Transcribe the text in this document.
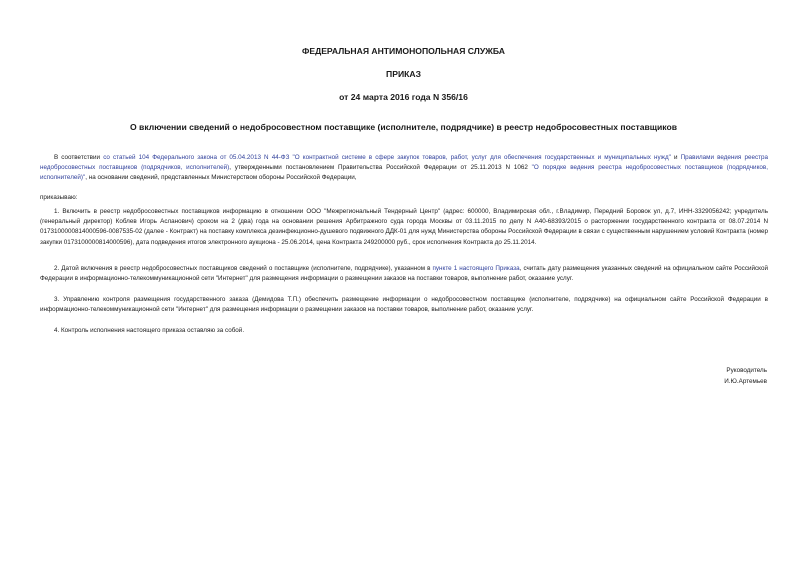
ФЕДЕРАЛЬНАЯ АНТИМОНОПОЛЬНАЯ СЛУЖБА
ПРИКАЗ
от 24 марта 2016 года N 356/16
О включении сведений о недобросовестном поставщике (исполнителе, подрядчике) в реестр недобросовестных поставщиков
В соответствии со статьей 104 Федерального закона от 05.04.2013 N 44-ФЗ "О контрактной системе в сфере закупок товаров, работ, услуг для обеспечения государственных и муниципальных нужд" и Правилами ведения реестра недобросовестных поставщиков (подрядчиков, исполнителей), утвержденными постановлением Правительства Российской Федерации от 25.11.2013 N 1062 "О порядке ведения реестра недобросовестных поставщиков (подрядчиков, исполнителей)", на основании сведений, представленных Министерством обороны Российской Федерации,
приказываю:
1. Включить в реестр недобросовестных поставщиков информацию в отношении ООО "Межрегиональный Тендерный Центр" (адрес: 600000, Владимирская обл., г.Владимир, Передний Боровок ул, д.7, ИНН-3329056242; учредитель (генеральный директор) Коблев Игорь Асланович) сроком на 2 (два) года на основании решения Арбитражного суда города Москвы от 03.11.2015 по делу N А40-68393/2015 о расторжении государственного контракта от 08.07.2014 N 0173100000814000596-0087535-02 (далее - Контракт) на поставку комплекса дезинфекционно-душевого подвижного ДДК-01 для нужд Министерства обороны Российской Федерации в связи с существенным нарушением условий Контракта (номер закупки 0173100000814000596), дата подведения итогов электронного аукциона - 25.06.2014, цена Контракта 249200000 руб., срок исполнения Контракта до 25.11.2014.
2. Датой включения в реестр недобросовестных поставщиков сведений о поставщике (исполнителе, подрядчике), указанном в пункте 1 настоящего Приказа, считать дату размещения указанных сведений на официальном сайте Российской Федерации в информационно-телекоммуникационной сети "Интернет" для размещения информации о размещении заказов на поставки товаров, выполнение работ, оказание услуг.
3. Управлению контроля размещения государственного заказа (Демидова Т.П.) обеспечить размещение информации о недобросовестном поставщике (исполнителе, подрядчике) на официальном сайте Российской Федерации в информационно-телекоммуникационной сети "Интернет" для размещения информации о размещении заказов на поставки товаров, выполнение работ, оказание услуг.
4. Контроль исполнения настоящего приказа оставляю за собой.
Руководитель
И.Ю.Артемьев
